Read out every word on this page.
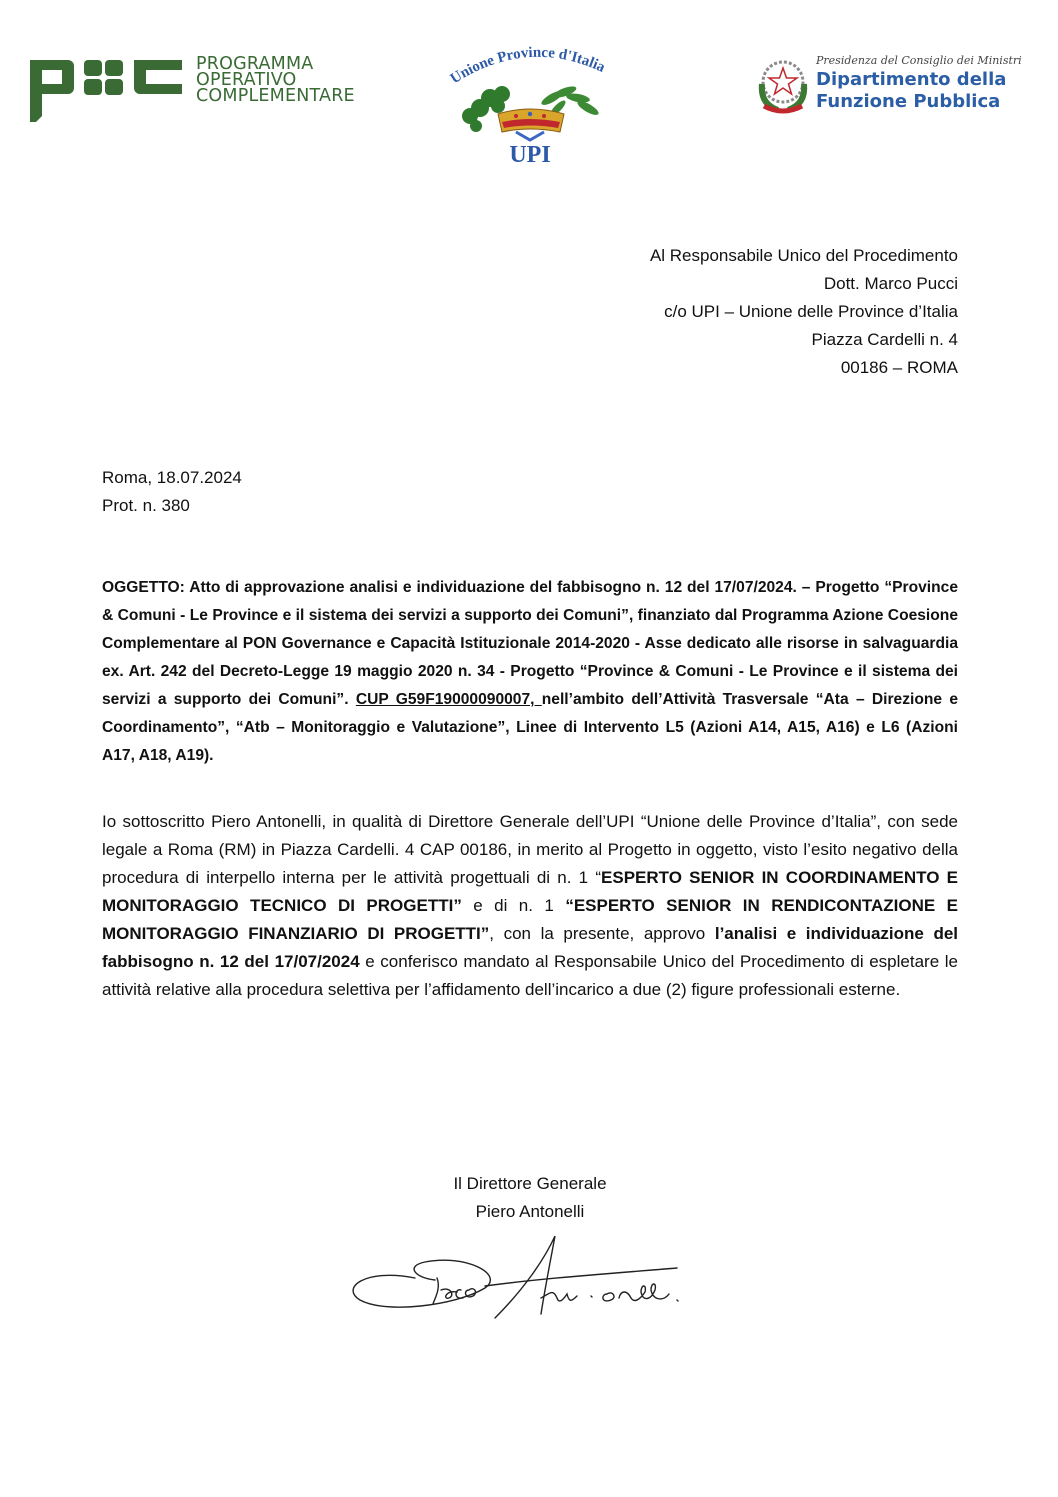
PROGRAMMA
OPERATIVO
COMPLEMENTARE
Unione Province d'Italia
UPI
Presidenza del Consiglio dei Ministri
Dipartimento della
Funzione Pubblica
Al Responsabile Unico del Procedimento
Dott. Marco Pucci
c/o UPI – Unione delle Province d’Italia
Piazza Cardelli n. 4
00186 – ROMA
Roma, 18.07.2024
Prot. n. 380
OGGETTO: Atto di approvazione analisi e individuazione del fabbisogno n. 12 del 17/07/2024. – Progetto “Province & Comuni - Le Province e il sistema dei servizi a supporto dei Comuni”, finanziato dal Programma Azione Coesione Complementare al PON Governance e Capacità Istituzionale 2014-2020 - Asse dedicato alle risorse in salvaguardia ex. Art. 242 del Decreto-Legge 19 maggio 2020 n. 34 - Progetto “Province & Comuni - Le Province e il sistema dei servizi a supporto dei Comuni”. CUP G59F19000090007, nell’ambito dell’Attività Trasversale “Ata – Direzione e Coordinamento”, “Atb – Monitoraggio e Valutazione”, Linee di Intervento L5 (Azioni A14, A15, A16) e L6 (Azioni A17, A18, A19).
Io sottoscritto Piero Antonelli, in qualità di Direttore Generale dell’UPI “Unione delle Province d’Italia”, con sede legale a Roma (RM) in Piazza Cardelli. 4 CAP 00186, in merito al Progetto in oggetto, visto l’esito negativo della procedura di interpello interna per le attività progettuali di n. 1 “ESPERTO SENIOR IN COORDINAMENTO E MONITORAGGIO TECNICO DI PROGETTI” e di n. 1 “ESPERTO SENIOR IN RENDICONTAZIONE E MONITORAGGIO FINANZIARIO DI PROGETTI”, con la presente, approvo l’analisi e individuazione del fabbisogno n. 12 del 17/07/2024 e conferisco mandato al Responsabile Unico del Procedimento di espletare le attività relative alla procedura selettiva per l’affidamento dell’incarico a due (2) figure professionali esterne.
Il Direttore Generale
Piero Antonelli
